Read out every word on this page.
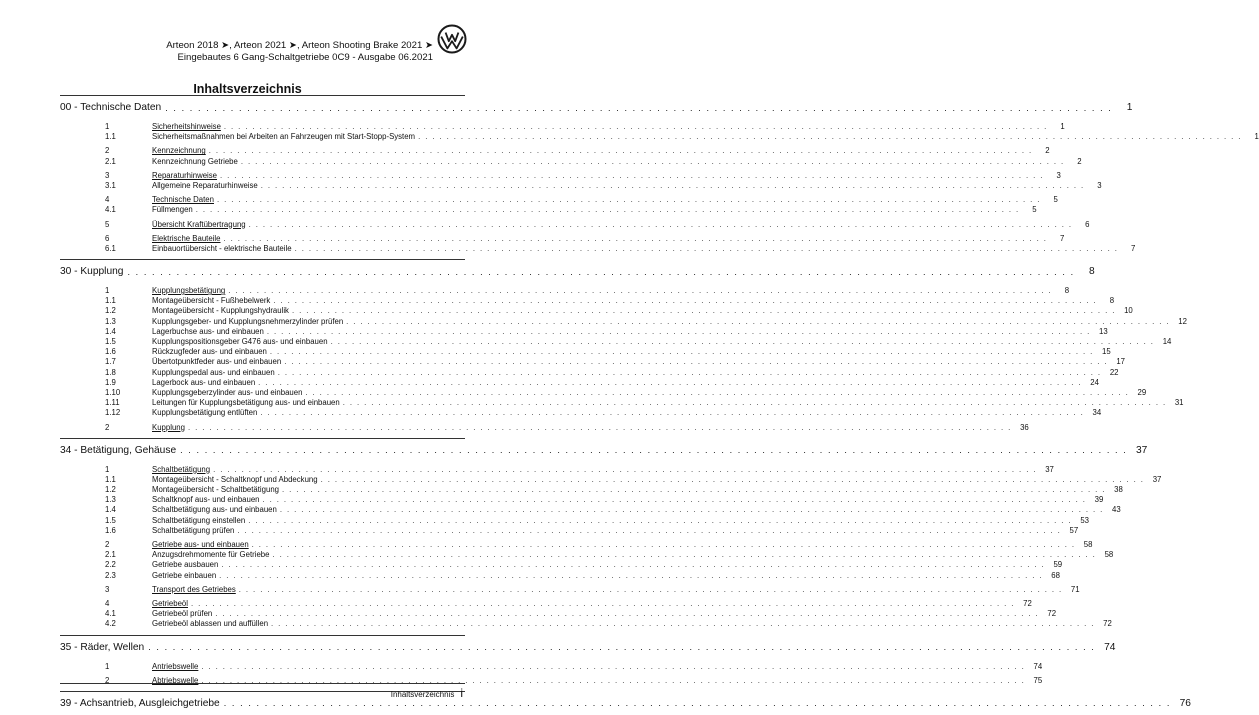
Arteon 2018 ➤, Arteon 2021 ➤, Arteon Shooting Brake 2021 ➤
Eingebautes 6 Gang-Schaltgetriebe 0C9 - Ausgabe 06.2021
Inhaltsverzeichnis
00 - Technische Daten . . . . . . . . . . . . . . . . . . . . . . . . . . . . . . . . . . . . . . . . . . . . . . . . . . . . . . . . . . . . . . . . . . . . . . . . . . . . . . . . . . . . . . . . . . . . . . . . . . . . . . . . . . . . . . . . . . . .	1
1	Sicherheitshinweise . . . . . . . . . . . . . . . . . . . . . . . . . . . . . . . . . . . . . . . . . . . . . . . . . . . . . . . . . . . . . . . . . . . . . . . . . . . . . . . . . . . . . . . . . . . . . . . . . . . . . . . . . . . . . . . . . . . .	1
1.1	Sicherheitsmaßnahmen bei Arbeiten an Fahrzeugen mit Start-Stopp-System . . . . . . . . . . . . . . . . . . . . . . . . . . . . . . . . . . . . . . . . . . . . . . . . . . . . . . . . . . . . . . . . . . . . . . . . . . . . . . . . . . . . . . . . . . . . . . . . . . . . . . . . . . . . . . . . . . . .	1
2	Kennzeichnung . . . . . . . . . . . . . . . . . . . . . . . . . . . . . . . . . . . . . . . . . . . . . . . . . . . . . . . . . . . . . . . . . . . . . . . . . . . . . . . . . . . . . . . . . . . . . . . . . . . . . . . . . . . . . . . . . . . .	2
2.1	Kennzeichnung Getriebe . . . . . . . . . . . . . . . . . . . . . . . . . . . . . . . . . . . . . . . . . . . . . . . . . . . . . . . . . . . . . . . . . . . . . . . . . . . . . . . . . . . . . . . . . . . . . . . . . . . . . . . . . . . . . . . . . . . .	2
3	Reparaturhinweise . . . . . . . . . . . . . . . . . . . . . . . . . . . . . . . . . . . . . . . . . . . . . . . . . . . . . . . . . . . . . . . . . . . . . . . . . . . . . . . . . . . . . . . . . . . . . . . . . . . . . . . . . . . . . . . . . . . .	3
3.1	Allgemeine Reparaturhinweise . . . . . . . . . . . . . . . . . . . . . . . . . . . . . . . . . . . . . . . . . . . . . . . . . . . . . . . . . . . . . . . . . . . . . . . . . . . . . . . . . . . . . . . . . . . . . . . . . . . . . . . . . . . . . . . . . . . .	3
4	Technische Daten . . . . . . . . . . . . . . . . . . . . . . . . . . . . . . . . . . . . . . . . . . . . . . . . . . . . . . . . . . . . . . . . . . . . . . . . . . . . . . . . . . . . . . . . . . . . . . . . . . . . . . . . . . . . . . . . . . . .	5
4.1	Füllmengen . . . . . . . . . . . . . . . . . . . . . . . . . . . . . . . . . . . . . . . . . . . . . . . . . . . . . . . . . . . . . . . . . . . . . . . . . . . . . . . . . . . . . . . . . . . . . . . . . . . . . . . . . . . . . . . . . . . .	5
5	Übersicht Kraftübertragung . . . . . . . . . . . . . . . . . . . . . . . . . . . . . . . . . . . . . . . . . . . . . . . . . . . . . . . . . . . . . . . . . . . . . . . . . . . . . . . . . . . . . . . . . . . . . . . . . . . . . . . . . . . . . . . . . . . .	6
6	Elektrische Bauteile . . . . . . . . . . . . . . . . . . . . . . . . . . . . . . . . . . . . . . . . . . . . . . . . . . . . . . . . . . . . . . . . . . . . . . . . . . . . . . . . . . . . . . . . . . . . . . . . . . . . . . . . . . . . . . . . . . . .	7
6.1	Einbauortübersicht - elektrische Bauteile . . . . . . . . . . . . . . . . . . . . . . . . . . . . . . . . . . . . . . . . . . . . . . . . . . . . . . . . . . . . . . . . . . . . . . . . . . . . . . . . . . . . . . . . . . . . . . . . . . . . . . . . . . . . . . . . . . . .	7
30 - Kupplung . . . . . . . . . . . . . . . . . . . . . . . . . . . . . . . . . . . . . . . . . . . . . . . . . . . . . . . . . . . . . . . . . . . . . . . . . . . . . . . . . . . . . . . . . . . . . . . . . . . . . . . . . . . . . . . . . . . .	8
1	Kupplungsbetätigung . . . . . . . . . . . . . . . . . . . . . . . . . . . . . . . . . . . . . . . . . . . . . . . . . . . . . . . . . . . . . . . . . . . . . . . . . . . . . . . . . . . . . . . . . . . . . . . . . . . . . . . . . . . . . . . . . . . .	8
1.1	Montageübersicht - Fußhebelwerk . . . . . . . . . . . . . . . . . . . . . . . . . . . . . . . . . . . . . . . . . . . . . . . . . . . . . . . . . . . . . . . . . . . . . . . . . . . . . . . . . . . . . . . . . . . . . . . . . . . . . . . . . . . . . . . . . . . .	8
1.2	Montageübersicht - Kupplungshydraulik . . . . . . . . . . . . . . . . . . . . . . . . . . . . . . . . . . . . . . . . . . . . . . . . . . . . . . . . . . . . . . . . . . . . . . . . . . . . . . . . . . . . . . . . . . . . . . . . . . . . . . . . . . . . . . . . . . . .	10
1.3	Kupplungsgeber- und Kupplungsnehmerzylinder prüfen . . . . . . . . . . . . . . . . . . . . . . . . . . . . . . . . . . . . . . . . . . . . . . . . . . . . . . . . . . . . . . . . . . . . . . . . . . . . . . . . . . . . . . . . . . . . . . . . . . . . . . . . . . . . . . . . . . . .	12
1.4	Lagerbuchse aus- und einbauen . . . . . . . . . . . . . . . . . . . . . . . . . . . . . . . . . . . . . . . . . . . . . . . . . . . . . . . . . . . . . . . . . . . . . . . . . . . . . . . . . . . . . . . . . . . . . . . . . . . . . . . . . . . . . . . . . . . .	13
1.5	Kupplungspositionsgeber G476 aus- und einbauen . . . . . . . . . . . . . . . . . . . . . . . . . . . . . . . . . . . . . . . . . . . . . . . . . . . . . . . . . . . . . . . . . . . . . . . . . . . . . . . . . . . . . . . . . . . . . . . . . . . . . . . . . . . . . . . . . . . .	14
1.6	Rückzugfeder aus- und einbauen . . . . . . . . . . . . . . . . . . . . . . . . . . . . . . . . . . . . . . . . . . . . . . . . . . . . . . . . . . . . . . . . . . . . . . . . . . . . . . . . . . . . . . . . . . . . . . . . . . . . . . . . . . . . . . . . . . . .	15
1.7	Übertotpunktfeder aus- und einbauen . . . . . . . . . . . . . . . . . . . . . . . . . . . . . . . . . . . . . . . . . . . . . . . . . . . . . . . . . . . . . . . . . . . . . . . . . . . . . . . . . . . . . . . . . . . . . . . . . . . . . . . . . . . . . . . . . . . .	17
1.8	Kupplungspedal aus- und einbauen . . . . . . . . . . . . . . . . . . . . . . . . . . . . . . . . . . . . . . . . . . . . . . . . . . . . . . . . . . . . . . . . . . . . . . . . . . . . . . . . . . . . . . . . . . . . . . . . . . . . . . . . . . . . . . . . . . . .	22
1.9	Lagerbock aus- und einbauen . . . . . . . . . . . . . . . . . . . . . . . . . . . . . . . . . . . . . . . . . . . . . . . . . . . . . . . . . . . . . . . . . . . . . . . . . . . . . . . . . . . . . . . . . . . . . . . . . . . . . . . . . . . . . . . . . . . .	24
1.10	Kupplungsgeberzylinder aus- und einbauen . . . . . . . . . . . . . . . . . . . . . . . . . . . . . . . . . . . . . . . . . . . . . . . . . . . . . . . . . . . . . . . . . . . . . . . . . . . . . . . . . . . . . . . . . . . . . . . . . . . . . . . . . . . . . . . . . . . .	29
1.11	Leitungen für Kupplungsbetätigung aus- und einbauen . . . . . . . . . . . . . . . . . . . . . . . . . . . . . . . . . . . . . . . . . . . . . . . . . . . . . . . . . . . . . . . . . . . . . . . . . . . . . . . . . . . . . . . . . . . . . . . . . . . . . . . . . . . . . . . . . . . .	31
1.12	Kupplungsbetätigung entlüften . . . . . . . . . . . . . . . . . . . . . . . . . . . . . . . . . . . . . . . . . . . . . . . . . . . . . . . . . . . . . . . . . . . . . . . . . . . . . . . . . . . . . . . . . . . . . . . . . . . . . . . . . . . . . . . . . . . .	34
2	Kupplung . . . . . . . . . . . . . . . . . . . . . . . . . . . . . . . . . . . . . . . . . . . . . . . . . . . . . . . . . . . . . . . . . . . . . . . . . . . . . . . . . . . . . . . . . . . . . . . . . . . . . . . . . . . . . . . . . . . .	36
34 - Betätigung, Gehäuse . . . . . . . . . . . . . . . . . . . . . . . . . . . . . . . . . . . . . . . . . . . . . . . . . . . . . . . . . . . . . . . . . . . . . . . . . . . . . . . . . . . . . . . . . . . . . . . . . . . . . . . . . . . . . . . . . . . . 37
1	Schaltbetätigung . . . . . . . . . . . . . . . . . . . . . . . . . . . . . . . . . . . . . . . . . . . . . . . . . . . . . . . . . . . . . . . . . . . . . . . . . . . . . . . . . . . . . . . . . . . . . . . . . . . . . . . . . . . . . . . . . . . .	37
1.1	Montageübersicht - Schaltknopf und Abdeckung . . . . . . . . . . . . . . . . . . . . . . . . . . . . . . . . . . . . . . . . . . . . . . . . . . . . . . . . . . . . . . . . . . . . . . . . . . . . . . . . . . . . . . . . . . . . . . . . . . . . . . . . . . . . . . . . . . . .	37
1.2	Montageübersicht - Schaltbetätigung . . . . . . . . . . . . . . . . . . . . . . . . . . . . . . . . . . . . . . . . . . . . . . . . . . . . . . . . . . . . . . . . . . . . . . . . . . . . . . . . . . . . . . . . . . . . . . . . . . . . . . . . . . . . . . . . . . . .	38
1.3	Schaltknopf aus- und einbauen . . . . . . . . . . . . . . . . . . . . . . . . . . . . . . . . . . . . . . . . . . . . . . . . . . . . . . . . . . . . . . . . . . . . . . . . . . . . . . . . . . . . . . . . . . . . . . . . . . . . . . . . . . . . . . . . . . . .	39
1.4	Schaltbetätigung aus- und einbauen . . . . . . . . . . . . . . . . . . . . . . . . . . . . . . . . . . . . . . . . . . . . . . . . . . . . . . . . . . . . . . . . . . . . . . . . . . . . . . . . . . . . . . . . . . . . . . . . . . . . . . . . . . . . . . . . . . . .	43
1.5	Schaltbetätigung einstellen . . . . . . . . . . . . . . . . . . . . . . . . . . . . . . . . . . . . . . . . . . . . . . . . . . . . . . . . . . . . . . . . . . . . . . . . . . . . . . . . . . . . . . . . . . . . . . . . . . . . . . . . . . . . . . . . . . . .	53
1.6	Schaltbetätigung prüfen . . . . . . . . . . . . . . . . . . . . . . . . . . . . . . . . . . . . . . . . . . . . . . . . . . . . . . . . . . . . . . . . . . . . . . . . . . . . . . . . . . . . . . . . . . . . . . . . . . . . . . . . . . . . . . . . . . . .	57
2	Getriebe aus- und einbauen . . . . . . . . . . . . . . . . . . . . . . . . . . . . . . . . . . . . . . . . . . . . . . . . . . . . . . . . . . . . . . . . . . . . . . . . . . . . . . . . . . . . . . . . . . . . . . . . . . . . . . . . . . . . . . . . . . . .	58
2.1	Anzugsdrehmomente für Getriebe . . . . . . . . . . . . . . . . . . . . . . . . . . . . . . . . . . . . . . . . . . . . . . . . . . . . . . . . . . . . . . . . . . . . . . . . . . . . . . . . . . . . . . . . . . . . . . . . . . . . . . . . . . . . . . . . . . . .	58
2.2	Getriebe ausbauen . . . . . . . . . . . . . . . . . . . . . . . . . . . . . . . . . . . . . . . . . . . . . . . . . . . . . . . . . . . . . . . . . . . . . . . . . . . . . . . . . . . . . . . . . . . . . . . . . . . . . . . . . . . . . . . . . . . .	59
2.3	Getriebe einbauen . . . . . . . . . . . . . . . . . . . . . . . . . . . . . . . . . . . . . . . . . . . . . . . . . . . . . . . . . . . . . . . . . . . . . . . . . . . . . . . . . . . . . . . . . . . . . . . . . . . . . . . . . . . . . . . . . . . .	68
3	Transport des Getriebes . . . . . . . . . . . . . . . . . . . . . . . . . . . . . . . . . . . . . . . . . . . . . . . . . . . . . . . . . . . . . . . . . . . . . . . . . . . . . . . . . . . . . . . . . . . . . . . . . . . . . . . . . . . . . . . . . . . .	71
4	Getriebeöl . . . . . . . . . . . . . . . . . . . . . . . . . . . . . . . . . . . . . . . . . . . . . . . . . . . . . . . . . . . . . . . . . . . . . . . . . . . . . . . . . . . . . . . . . . . . . . . . . . . . . . . . . . . . . . . . . . . .	72
4.1	Getriebeöl prüfen . . . . . . . . . . . . . . . . . . . . . . . . . . . . . . . . . . . . . . . . . . . . . . . . . . . . . . . . . . . . . . . . . . . . . . . . . . . . . . . . . . . . . . . . . . . . . . . . . . . . . . . . . . . . . . . . . . . .	72
4.2	Getriebeöl ablassen und auffüllen . . . . . . . . . . . . . . . . . . . . . . . . . . . . . . . . . . . . . . . . . . . . . . . . . . . . . . . . . . . . . . . . . . . . . . . . . . . . . . . . . . . . . . . . . . . . . . . . . . . . . . . . . . . . . . . . . . . .	72
35 - Räder, Wellen . . . . . . . . . . . . . . . . . . . . . . . . . . . . . . . . . . . . . . . . . . . . . . . . . . . . . . . . . . . . . . . . . . . . . . . . . . . . . . . . . . . . . . . . . . . . . . . . . . . . . . . . . . . . . . . . . . . . 74
1	Antriebswelle . . . . . . . . . . . . . . . . . . . . . . . . . . . . . . . . . . . . . . . . . . . . . . . . . . . . . . . . . . . . . . . . . . . . . . . . . . . . . . . . . . . . . . . . . . . . . . . . . . . . . . . . . . . . . . . . . . . .	74
2	Abtriebswelle . . . . . . . . . . . . . . . . . . . . . . . . . . . . . . . . . . . . . . . . . . . . . . . . . . . . . . . . . . . . . . . . . . . . . . . . . . . . . . . . . . . . . . . . . . . . . . . . . . . . . . . . . . . . . . . . . . . .	75
39 - Achsantrieb, Ausgleichgetriebe . . . . . . . . . . . . . . . . . . . . . . . . . . . . . . . . . . . . . . . . . . . . . . . . . . . . . . . . . . . . . . . . . . . . . . . . . . . . . . . . . . . . . . . . . . . . . . . . . . . . . . . . . . . . . . . . . . . . 76
Inhaltsverzeichnis i
